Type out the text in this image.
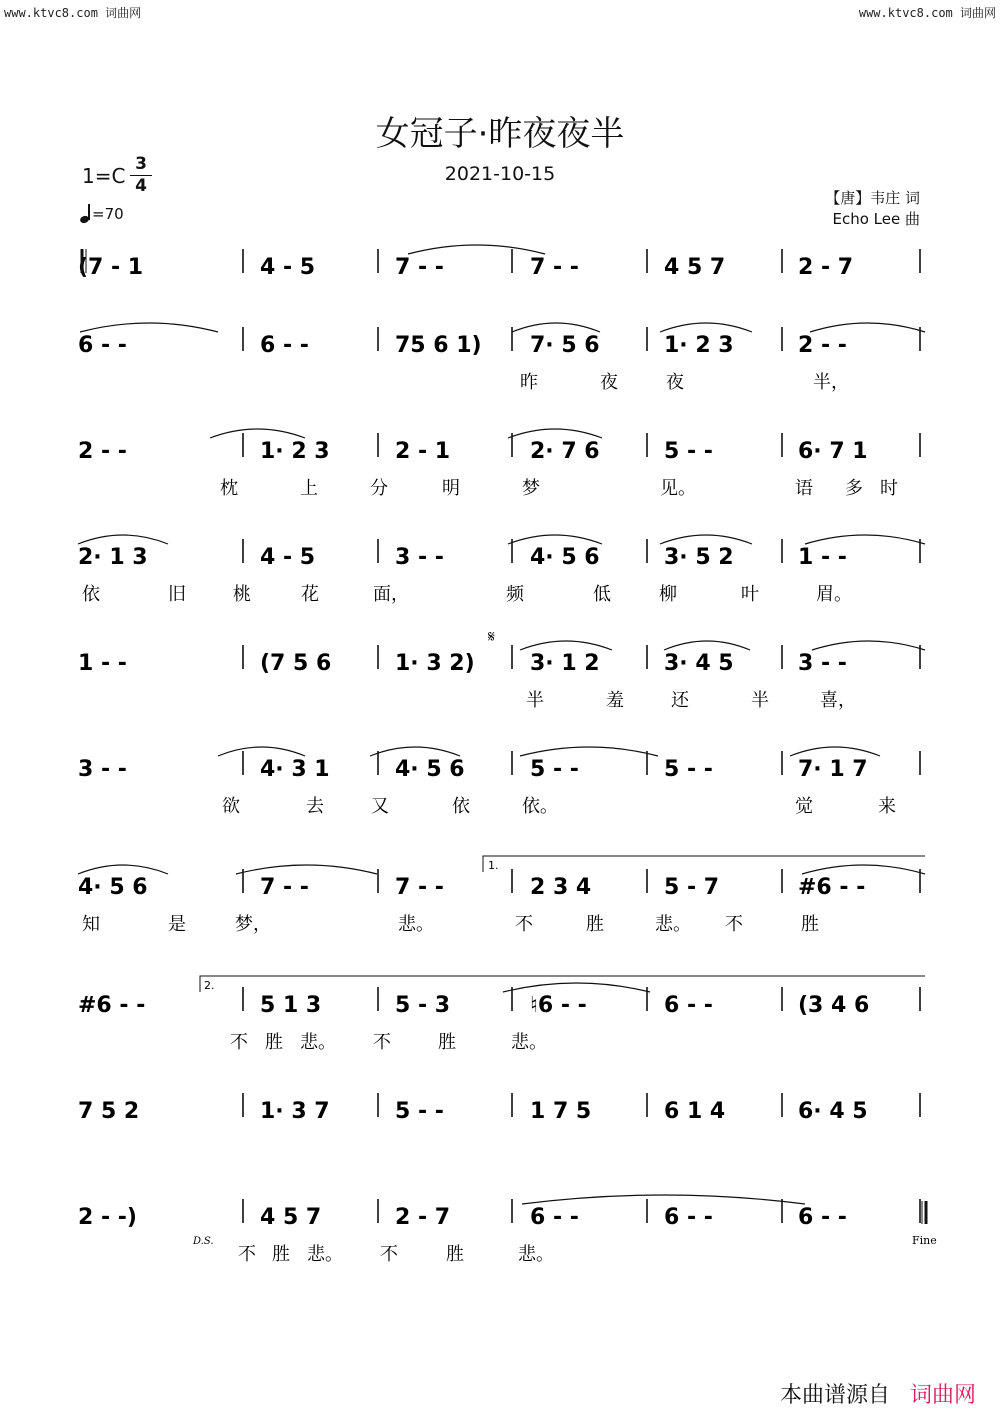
www.ktvc8.com 词曲网	www.ktvc8.com 词曲网
女冠子·昨夜夜半
2021-10-15
1=C 3
4
=70
【唐】韦庄 词
Echo Lee 曲
(7 - 1	4 - 5	7 - -	7 - -	4 5 7	2 - 7
6 - -	6 - -	75 6 1) 7· 5 6	1· 2 3	2 - -
昨	夜	夜	半，
2 - -	1· 2 3	2 - 1	2· 7 6	5 - -	6· 7 1
枕	上	分	明	梦	见。	语 多 时
2· 1 3	4 - 5	3 - -	4· 5 6	3· 5 2	1 - -
依	旧	桃	花	面，	频	低	柳	叶	眉。
1 - -	(7 5 6	1· 3 2)	3· 1 2	3· 4 5	3 - -
半	羞	还	半	喜，
3 - -	4· 3 1	4· 5 6	5 - -	5 - -	7· 1 7
欲	去	又	依	依。	觉	来
4· 5 6	7 - -	7 - -	2 3 4	5 - 7	#6 - -
知	是	梦，	不	胜	悲。 不	胜
悲。
#6 - -	5 1 3	5 - 3	♮6 - -	6 - -	(3 4 6
不 胜 悲。 不	胜	悲。
7 5 2	1· 3 7	5 - -	1 7 5	6 1 4	6· 4 5
2 - -)	4 5 7	2 - 7	6 - -	6 - -	6 - -
不 胜 悲。 不	胜	悲。
1.
2.
D.S.	Fine
𝄋
本曲谱源自 词曲网
